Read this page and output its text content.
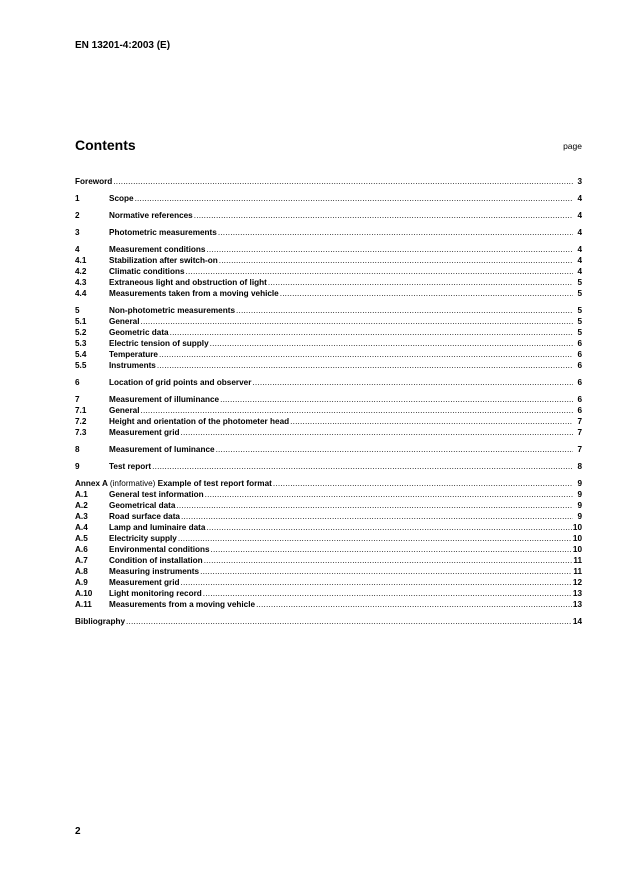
EN 13201-4:2003 (E)
Contents	page
Foreword .....	3
1	Scope .....	4
2	Normative references .....	4
3	Photometric measurements .....	4
4	Measurement conditions .....	4
4.1	Stabilization after switch-on .....	4
4.2	Climatic conditions .....	4
4.3	Extraneous light and obstruction of light .....	5
4.4	Measurements taken from a moving vehicle .....	5
5	Non-photometric measurements .....	5
5.1	General .....	5
5.2	Geometric data .....	5
5.3	Electric tension of supply .....	6
5.4	Temperature .....	6
5.5	Instruments .....	6
6	Location of grid points and observer .....	6
7	Measurement of illuminance .....	6
7.1	General .....	6
7.2	Height and orientation of the photometer head .....	7
7.3	Measurement grid .....	7
8	Measurement of luminance .....	7
9	Test report .....	8
Annex A (informative) Example of test report format .....	9
A.1	General test information .....	9
A.2	Geometrical data .....	9
A.3	Road surface data .....	9
A.4	Lamp and luminaire data .....	10
A.5	Electricity supply .....	10
A.6	Environmental conditions .....	10
A.7	Condition of installation .....	11
A.8	Measuring instruments .....	11
A.9	Measurement grid .....	12
A.10	Light monitoring record .....	13
A.11	Measurements from a moving vehicle .....	13
Bibliography .....	14
2
